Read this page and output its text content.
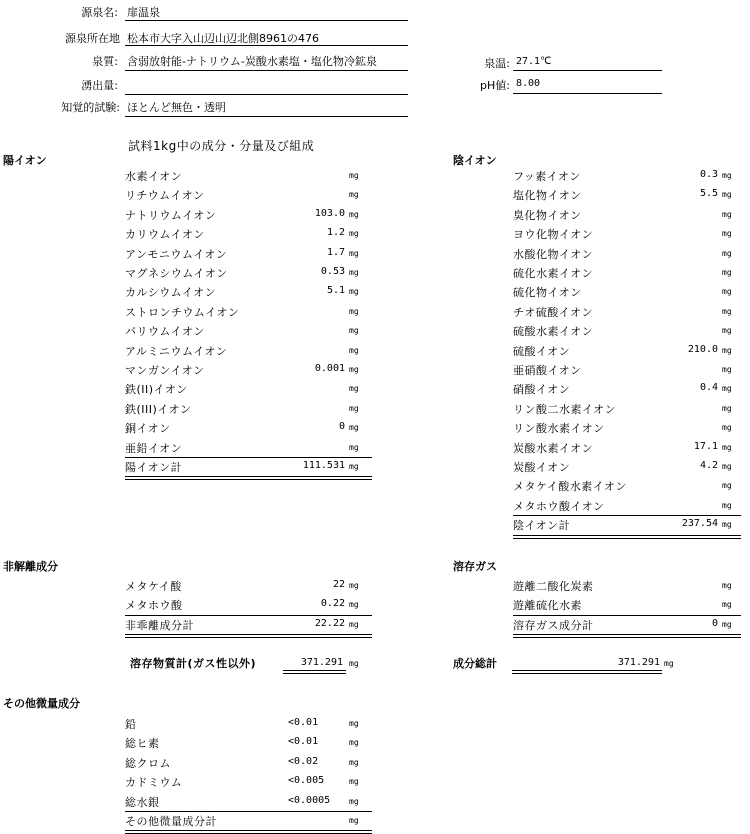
源泉名: 扉温泉
源泉所在地 松本市大字入山辺山辺北側8961の476
泉質: 含弱放射能-ナトリウム-炭酸水素塩・塩化物冷鉱泉
湧出量:
知覚的試験: ほとんど無色・透明
泉温: 27.1℃
pH値: 8.00
試料1kg中の成分・分量及び組成
陽イオン	陰イオン
水素イオン	mg
リチウムイオン	mg
ナトリウムイオン	103.0 mg
カリウムイオン	1.2 mg
アンモニウムイオン	1.7 mg
マグネシウムイオン	0.53 mg
カルシウムイオン	5.1 mg
ストロンチウムイオン	mg
バリウムイオン	mg
アルミニウムイオン	mg
マンガンイオン	0.001 mg
鉄(II)イオン	mg
鉄(III)イオン	mg
銅イオン	0 mg
亜鉛イオン	mg
陽イオン計	111.531 mg
フッ素イオン	0.3 mg
塩化物イオン	5.5 mg
臭化物イオン	mg
ヨウ化物イオン	mg
水酸化物イオン	mg
硫化水素イオン	mg
硫化物イオン	mg
チオ硫酸イオン	mg
硫酸水素イオン	mg
硫酸イオン	210.0 mg
亜硝酸イオン	mg
硝酸イオン	0.4 mg
リン酸二水素イオン	mg
リン酸水素イオン	mg
炭酸水素イオン	17.1 mg
炭酸イオン	4.2 mg
メタケイ酸水素イオン	mg
メタホウ酸イオン	mg
陰イオン計	237.54 mg
非解離成分
メタケイ酸	22 mg
メタホウ酸	0.22 mg
非乖離成分計	22.22 mg
溶存ガス
遊離二酸化炭素	mg
遊離硫化水素	mg
溶存ガス成分計	0 mg
溶存物質計(ガス性以外)	371.291 mg	成分総計	371.291 mg
その他微量成分
鉛	<0.01	mg
総ヒ素	<0.01	mg
総クロム	<0.02	mg
カドミウム	<0.005	mg
総水銀	<0.0005	mg
その他微量成分計	mg
